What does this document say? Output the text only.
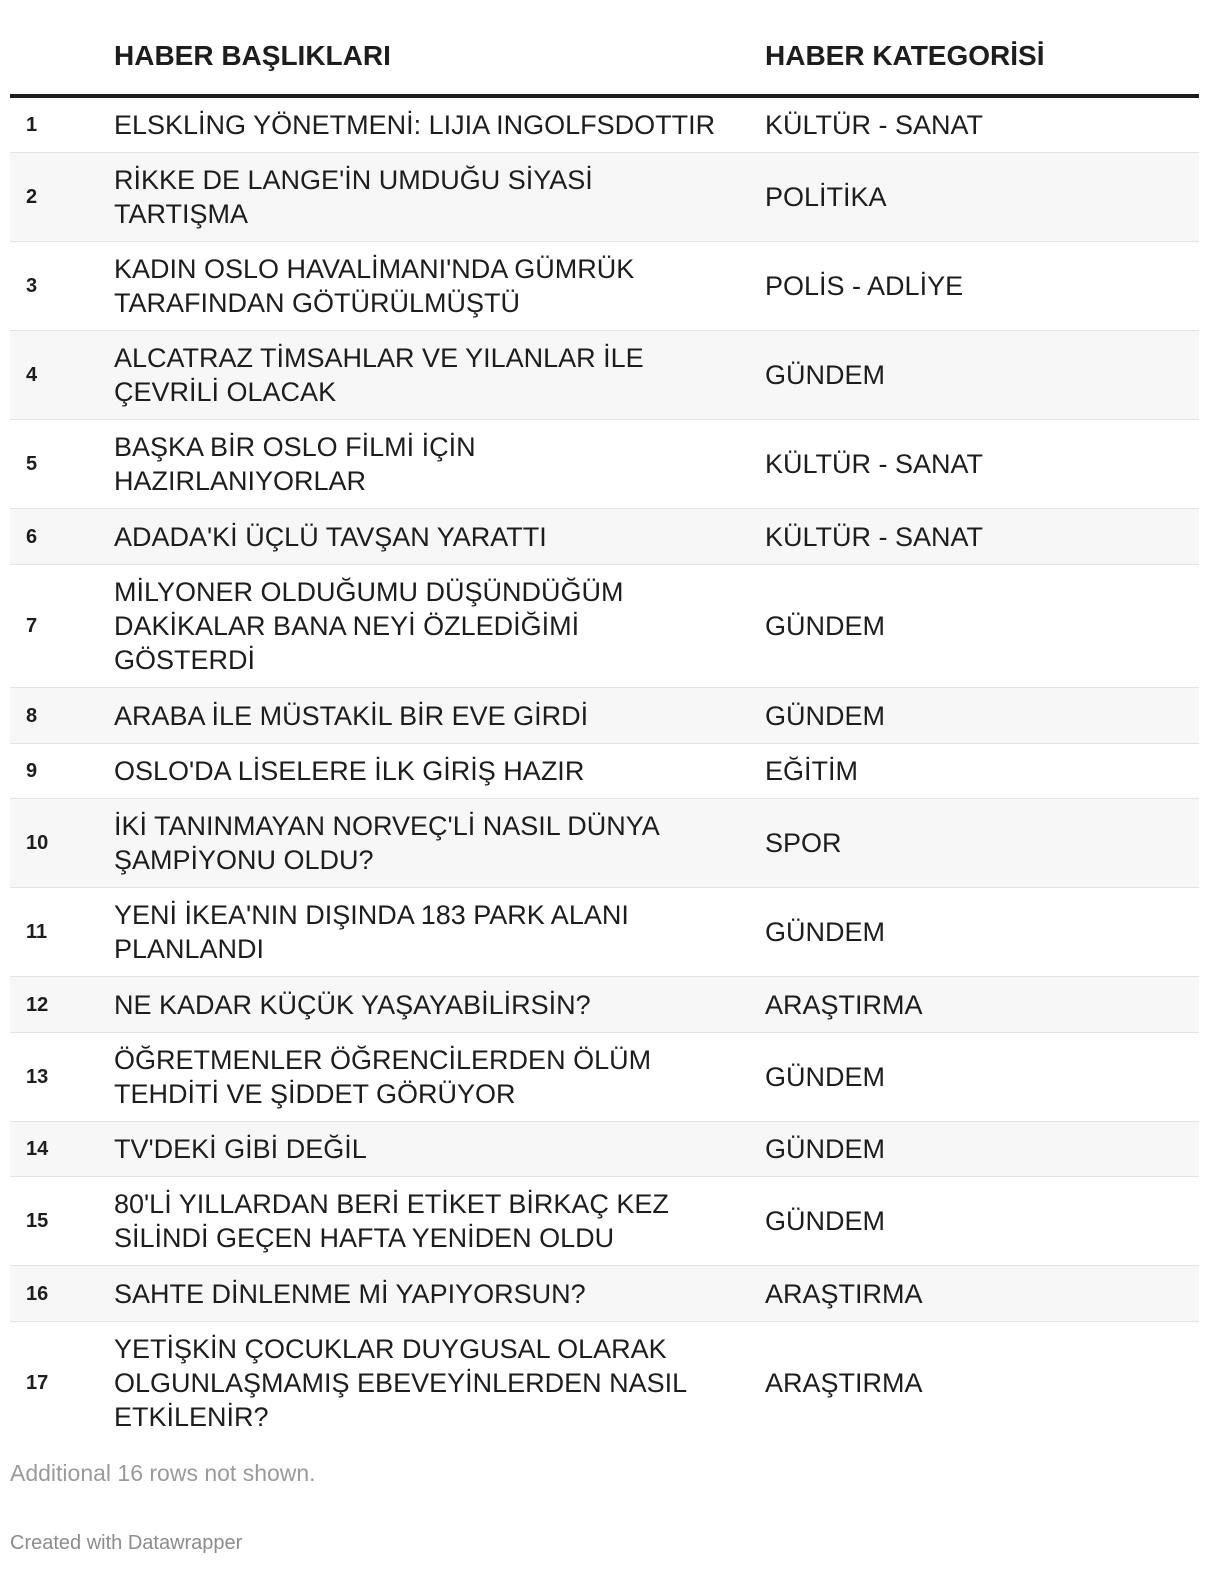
	HABER BAŞLIKLARI	HABER KATEGORİSİ
1	ELSKLİNG YÖNETMENİ: LIJIA INGOLFSDOTTIR	KÜLTÜR - SANAT
2	RİKKE DE LANGE'İN UMDUĞU SİYASİ TARTIŞMA	POLİTİKA
3	KADIN OSLO HAVALİMANI'NDA GÜMRÜK TARAFINDAN GÖTÜRÜLMÜŞTÜ	POLİS - ADLİYE
4	ALCATRAZ TİMSAHLAR VE YILANLAR İLE ÇEVRİLİ OLACAK	GÜNDEM
5	BAŞKA BİR OSLO FİLMİ İÇİN HAZIRLANIYORLAR	KÜLTÜR - SANAT
6	ADADA'Kİ ÜÇLÜ TAVŞAN YARATTI	KÜLTÜR - SANAT
7	MİLYONER OLDUĞUMU DÜŞÜNDÜĞÜM DAKİKALAR BANA NEYİ ÖZLEDİĞİMİ GÖSTERDİ	GÜNDEM
8	ARABA İLE MÜSTAKİL BİR EVE GİRDİ	GÜNDEM
9	OSLO'DA LİSELERE İLK GİRİŞ HAZIR	EĞİTİM
10	İKİ TANINMAYAN NORVEÇ'Lİ NASIL DÜNYA ŞAMPİYONU OLDU?	SPOR
11	YENİ İKEA'NIN DIŞINDA 183 PARK ALANI PLANLANDI	GÜNDEM
12	NE KADAR KÜÇÜK YAŞAYABİLİRSİN?	ARAŞTIRMA
13	ÖĞRETMENLER ÖĞRENCİLERDEN ÖLÜM TEHDİTİ VE ŞİDDET GÖRÜYOR	GÜNDEM
14	TV'DEKİ GİBİ DEĞİL	GÜNDEM
15	80'Lİ YILLARDAN BERİ ETİKET BİRKAÇ KEZ SİLİNDİ GEÇEN HAFTA YENİDEN OLDU	GÜNDEM
16	SAHTE DİNLENME Mİ YAPIYORSUN?	ARAŞTIRMA
17	YETİŞKİN ÇOCUKLAR DUYGUSAL OLARAK OLGUNLAŞMAMIŞ EBEVEYİNLERDEN NASIL ETKİLENİR?	ARAŞTIRMA
Additional 16 rows not shown.
Created with Datawrapper
